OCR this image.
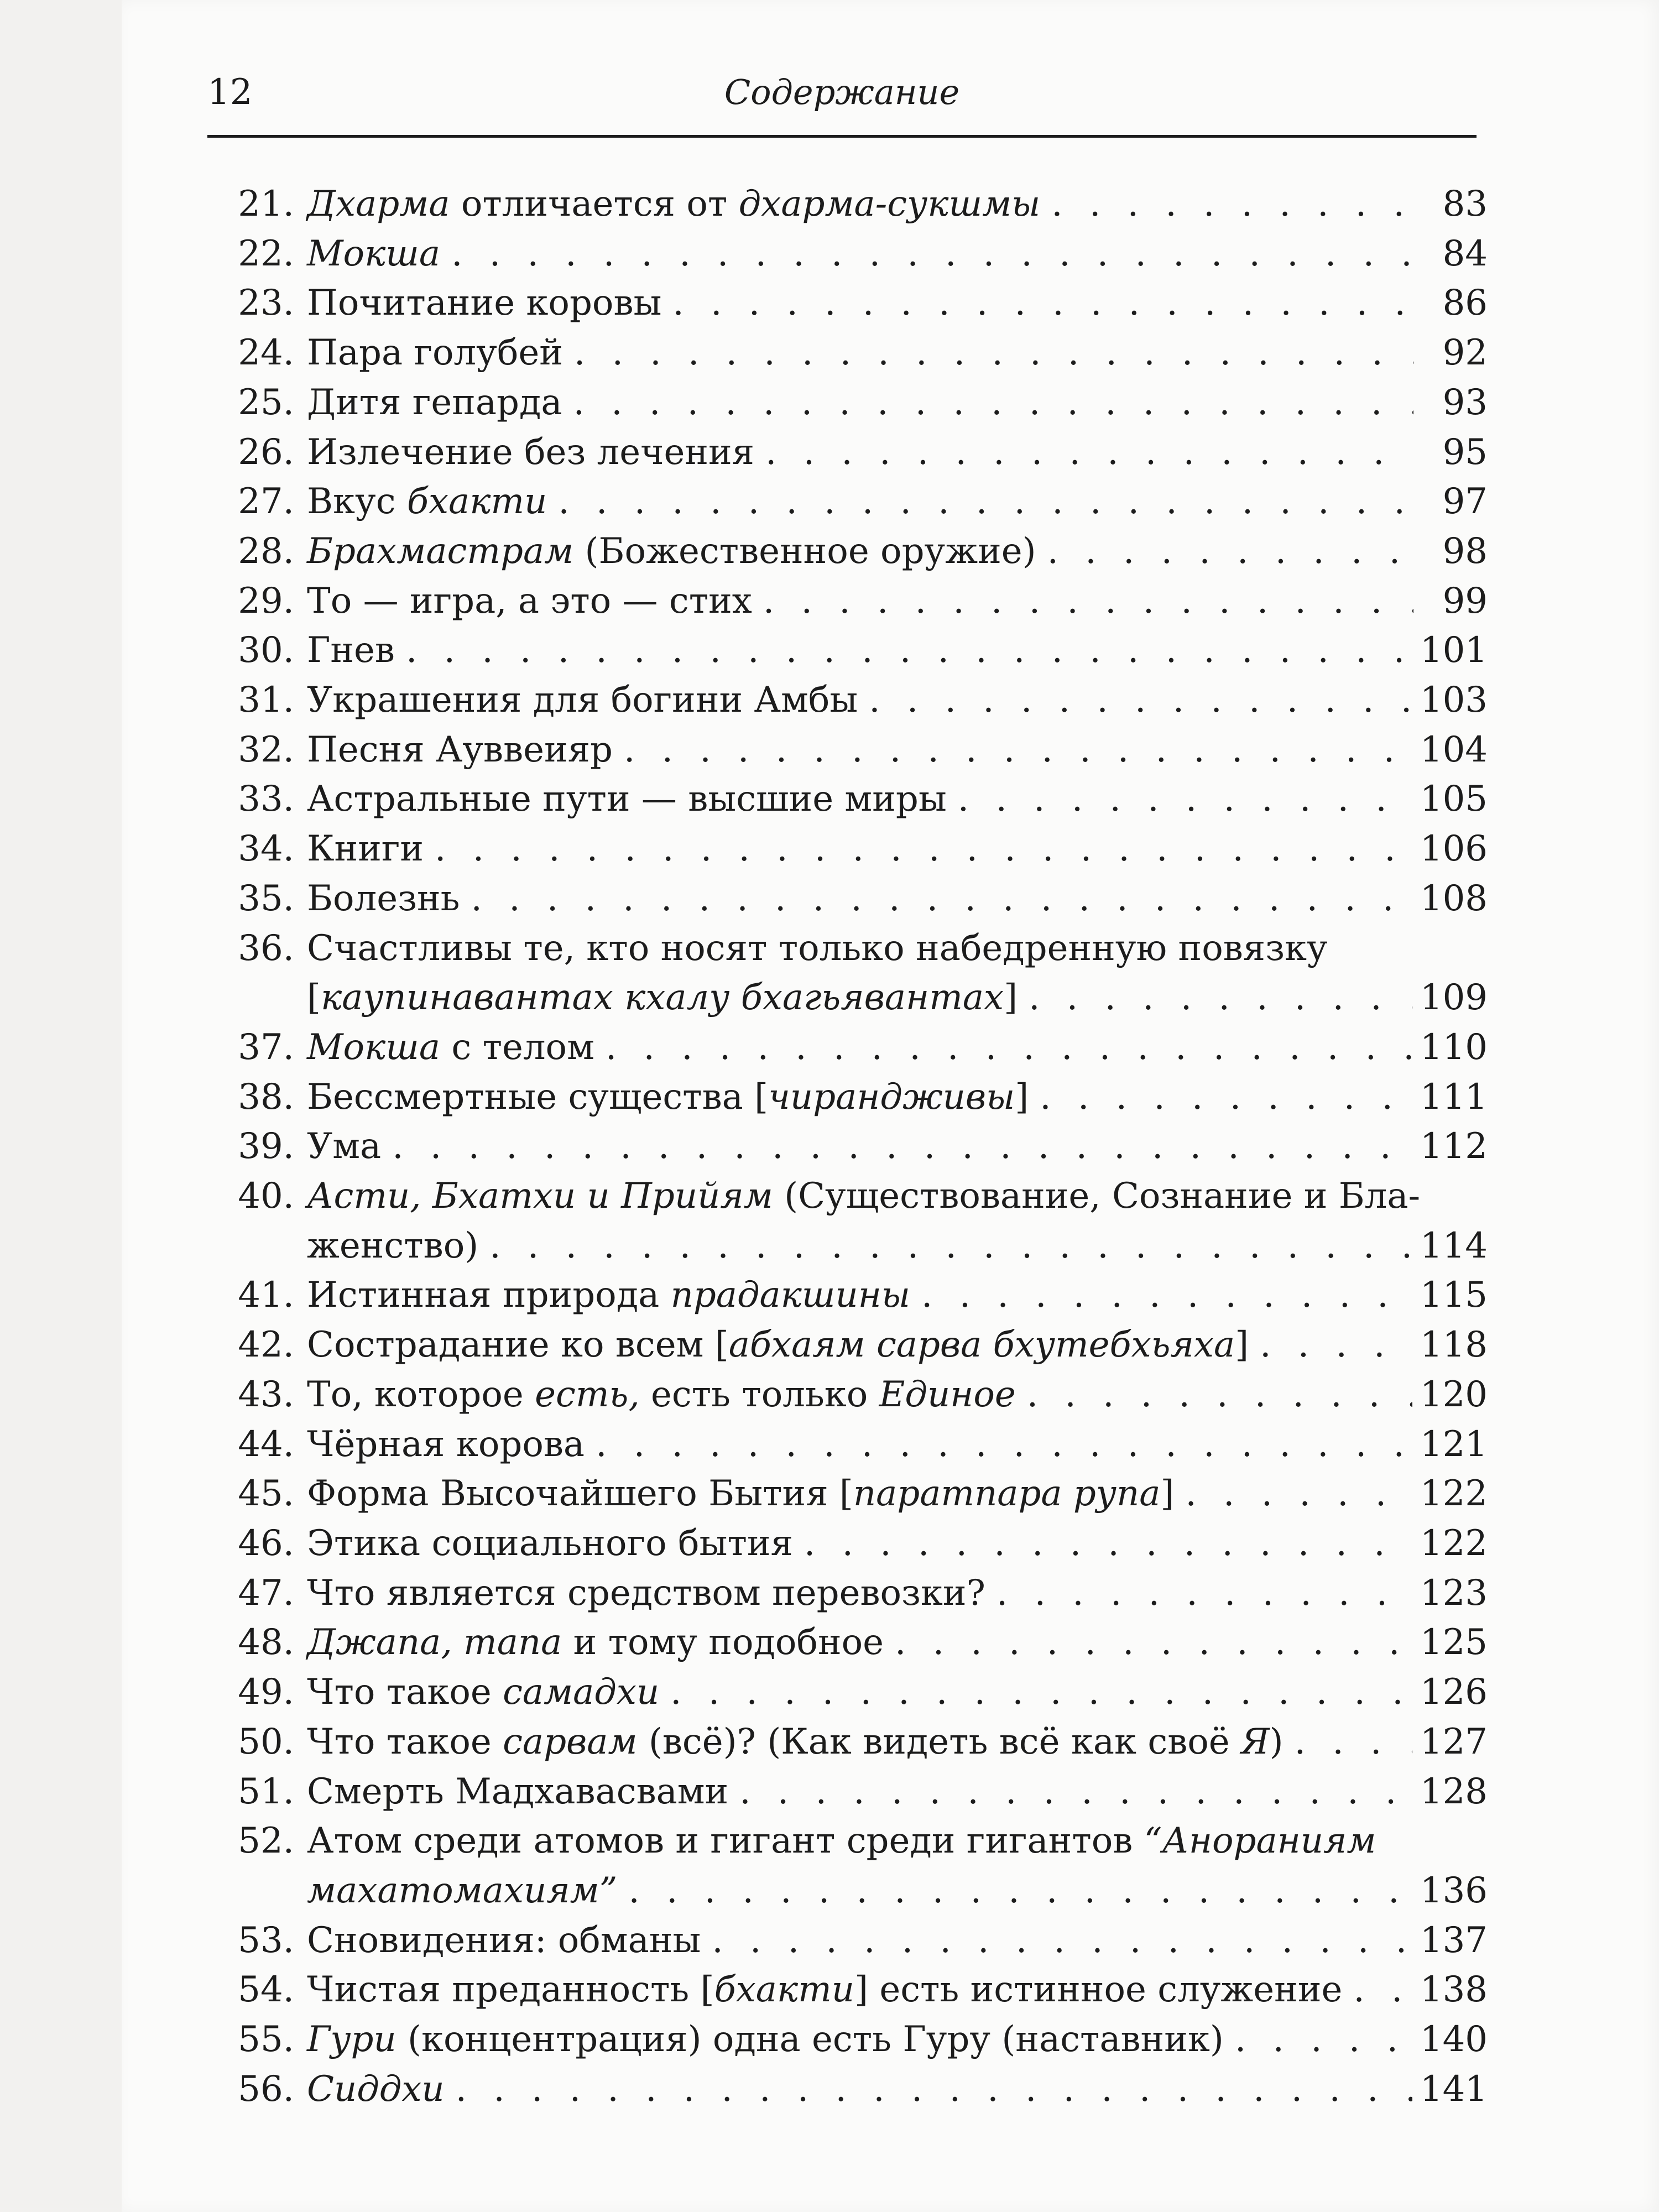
12	Содержание
21. Дхарма отличается от дхарма-сукшмы . . .	83
22. Мокша . . .	84
23. Почитание коровы . . .	86
24. Пара голубей . . .	92
25. Дитя гепарда . . .	93
26. Излечение без лечения . . .	95
27. Вкус бхакти . . .	97
28. Брахмастрам (Божественное оружие) . . .	98
29. То — игра, а это — стих . . .	99
30. Гнев . . .	101
31. Украшения для богини Амбы . . .	103
32. Песня Ауввеияр . . .	104
33. Астральные пути — высшие миры . . .	105
34. Книги . . .	106
35. Болезнь . . .	108
36. Счастливы те, кто носят только набедренную повязку
[каупинавантах кхалу бхагьявантах] . . .	109
37. Мокша с телом . . .	110
38. Бессмертные существа [чирандживы] . . .	111
39. Ума . . .	112
40. Асти, Бхатхи и Прийям (Существование, Сознание и Бла-
женство) . . .	114
41. Истинная природа прадакшины . . .	115
42. Сострадание ко всем [абхаям сарва бхутебхьяха] . . .	118
43. То, которое есть, есть только Единое . . .	120
44. Чёрная корова . . .	121
45. Форма Высочайшего Бытия [паратпара рупа] . . .	122
46. Этика социального бытия . . .	122
47. Что является средством перевозки? . . .	123
48. Джапа, тапа и тому подобное . . .	125
49. Что такое самадхи . . .	126
50. Что такое сарвам (всё)? (Как видеть всё как своё Я) . . .	127
51. Смерть Мадхавасвами . . .	128
52. Атом среди атомов и гигант среди гигантов “Анораниям
махатомахиям” . . .	136
53. Сновидения: обманы . . .	137
54. Чистая преданность [бхакти] есть истинное служение . . . 138
55. Гури (концентрация) одна есть Гуру (наставник) . . .	140
56. Сиддхи . . .	141
